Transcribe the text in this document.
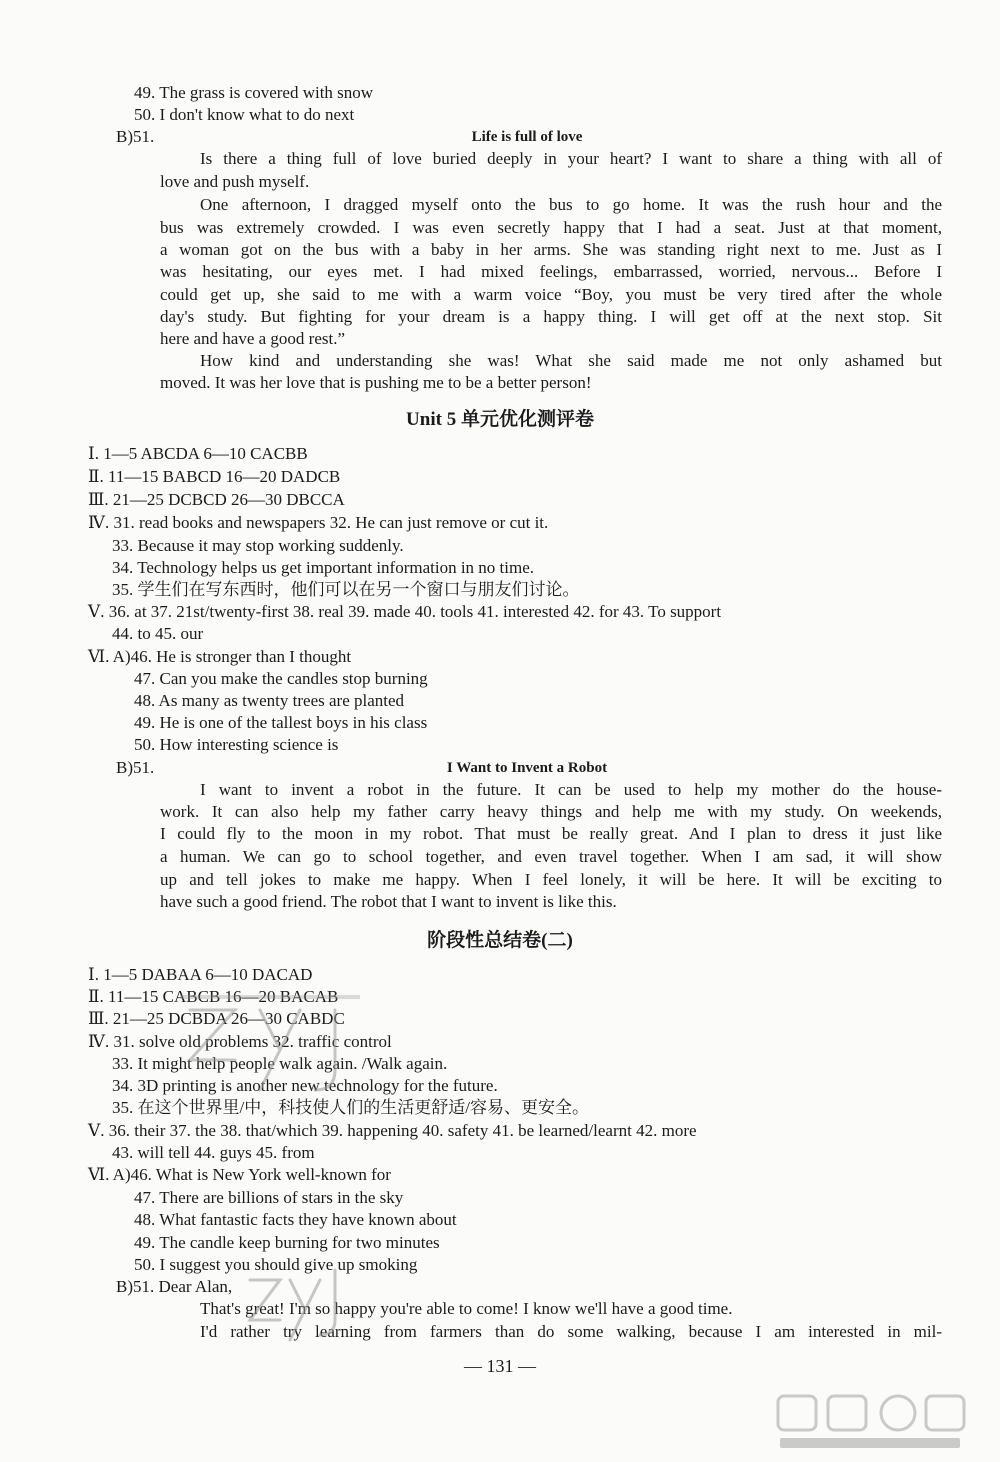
49. The grass is covered with snow
50. I don't know what to do next
B)51.	Life is full of love
Is there a thing full of love buried deeply in your heart? I want to share a thing with all of
love and push myself.
One afternoon, I dragged myself onto the bus to go home. It was the rush hour and the
bus was extremely crowded. I was even secretly happy that I had a seat. Just at that moment,
a woman got on the bus with a baby in her arms. She was standing right next to me. Just as I
was hesitating, our eyes met. I had mixed feelings, embarrassed, worried, nervous... Before I
could get up, she said to me with a warm voice “Boy, you must be very tired after the whole
day's study. But fighting for your dream is a happy thing. I will get off at the next stop. Sit
here and have a good rest.”
How kind and understanding she was! What she said made me not only ashamed but
moved. It was her love that is pushing me to be a better person!
Unit 5 单元优化测评卷
Ⅰ. 1—5 ABCDA 6—10 CACBB
Ⅱ. 11—15 BABCD 16—20 DADCB
Ⅲ. 21—25 DCBCD 26—30 DBCCA
Ⅳ. 31. read books and newspapers 32. He can just remove or cut it.
33. Because it may stop working suddenly.
34. Technology helps us get important information in no time.
35. 学生们在写东西时，他们可以在另一个窗口与朋友们讨论。
Ⅴ. 36. at 37. 21st/twenty-first 38. real 39. made 40. tools 41. interested 42. for 43. To support
44. to 45. our
Ⅵ. A)46. He is stronger than I thought
47. Can you make the candles stop burning
48. As many as twenty trees are planted
49. He is one of the tallest boys in his class
50. How interesting science is
B)51.	I Want to Invent a Robot
I want to invent a robot in the future. It can be used to help my mother do the house-
work. It can also help my father carry heavy things and help me with my study. On weekends,
I could fly to the moon in my robot. That must be really great. And I plan to dress it just like
a human. We can go to school together, and even travel together. When I am sad, it will show
up and tell jokes to make me happy. When I feel lonely, it will be here. It will be exciting to
have such a good friend. The robot that I want to invent is like this.
阶段性总结卷(二)
Ⅰ. 1—5 DABAA 6—10 DACAD
Ⅱ. 11—15 CABCB 16—20 BACAB
Ⅲ. 21—25 DCBDA 26—30 CABDC
Ⅳ. 31. solve old problems 32. traffic control
33. It might help people walk again. /Walk again.
34. 3D printing is another new technology for the future.
35. 在这个世界里/中，科技使人们的生活更舒适/容易、更安全。
Ⅴ. 36. their 37. the 38. that/which 39. happening 40. safety 41. be learned/learnt 42. more
43. will tell 44. guys 45. from
Ⅵ. A)46. What is New York well-known for
47. There are billions of stars in the sky
48. What fantastic facts they have known about
49. The candle keep burning for two minutes
50. I suggest you should give up smoking
B)51. Dear Alan,
That's great! I'm so happy you're able to come! I know we'll have a good time.
I'd rather try learning from farmers than do some walking, because I am interested in mil-
— 131 —
